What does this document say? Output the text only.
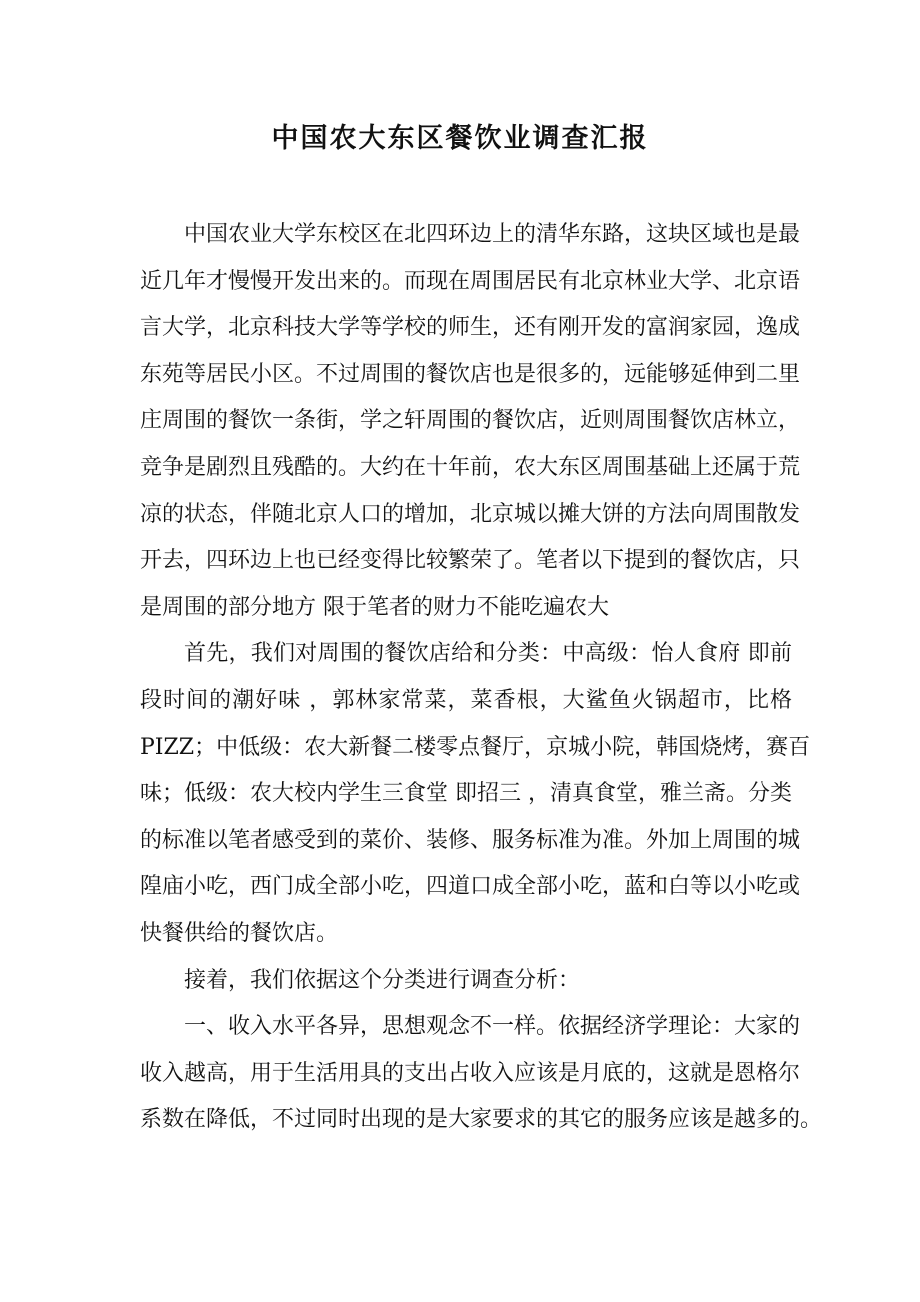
中国农大东区餐饮业调查汇报
中国农业大学东校区在北四环边上的清华东路，这块区域也是最
近几年才慢慢开发出来的。而现在周围居民有北京林业大学、北京语
言大学，北京科技大学等学校的师生，还有刚开发的富润家园，逸成
东苑等居民小区。不过周围的餐饮店也是很多的，远能够延伸到二里
庄周围的餐饮一条街，学之轩周围的餐饮店，近则周围餐饮店林立，
竞争是剧烈且残酷的。大约在十年前，农大东区周围基础上还属于荒
凉的状态，伴随北京人口的增加，北京城以摊大饼的方法向周围散发
开去，四环边上也已经变得比较繁荣了。笔者以下提到的餐饮店，只
是周围的部分地方 限于笔者的财力不能吃遍农大
首先，我们对周围的餐饮店给和分类：中高级：怡人食府 即前
段时间的潮好味 ，郭林家常菜，菜香根，大鲨鱼火锅超市，比格
PIZZ；中低级：农大新餐二楼零点餐厅，京城小院，韩国烧烤，赛百
味；低级：农大校内学生三食堂 即招三 ，清真食堂，雅兰斋。分类
的标准以笔者感受到的菜价、装修、服务标准为准。外加上周围的城
隍庙小吃，西门成全部小吃，四道口成全部小吃，蓝和白等以小吃或
快餐供给的餐饮店。
接着，我们依据这个分类进行调查分析：
一、收入水平各异，思想观念不一样。依据经济学理论：大家的
收入越高，用于生活用具的支出占收入应该是月底的，这就是恩格尔
系数在降低，不过同时出现的是大家要求的其它的服务应该是越多的。
